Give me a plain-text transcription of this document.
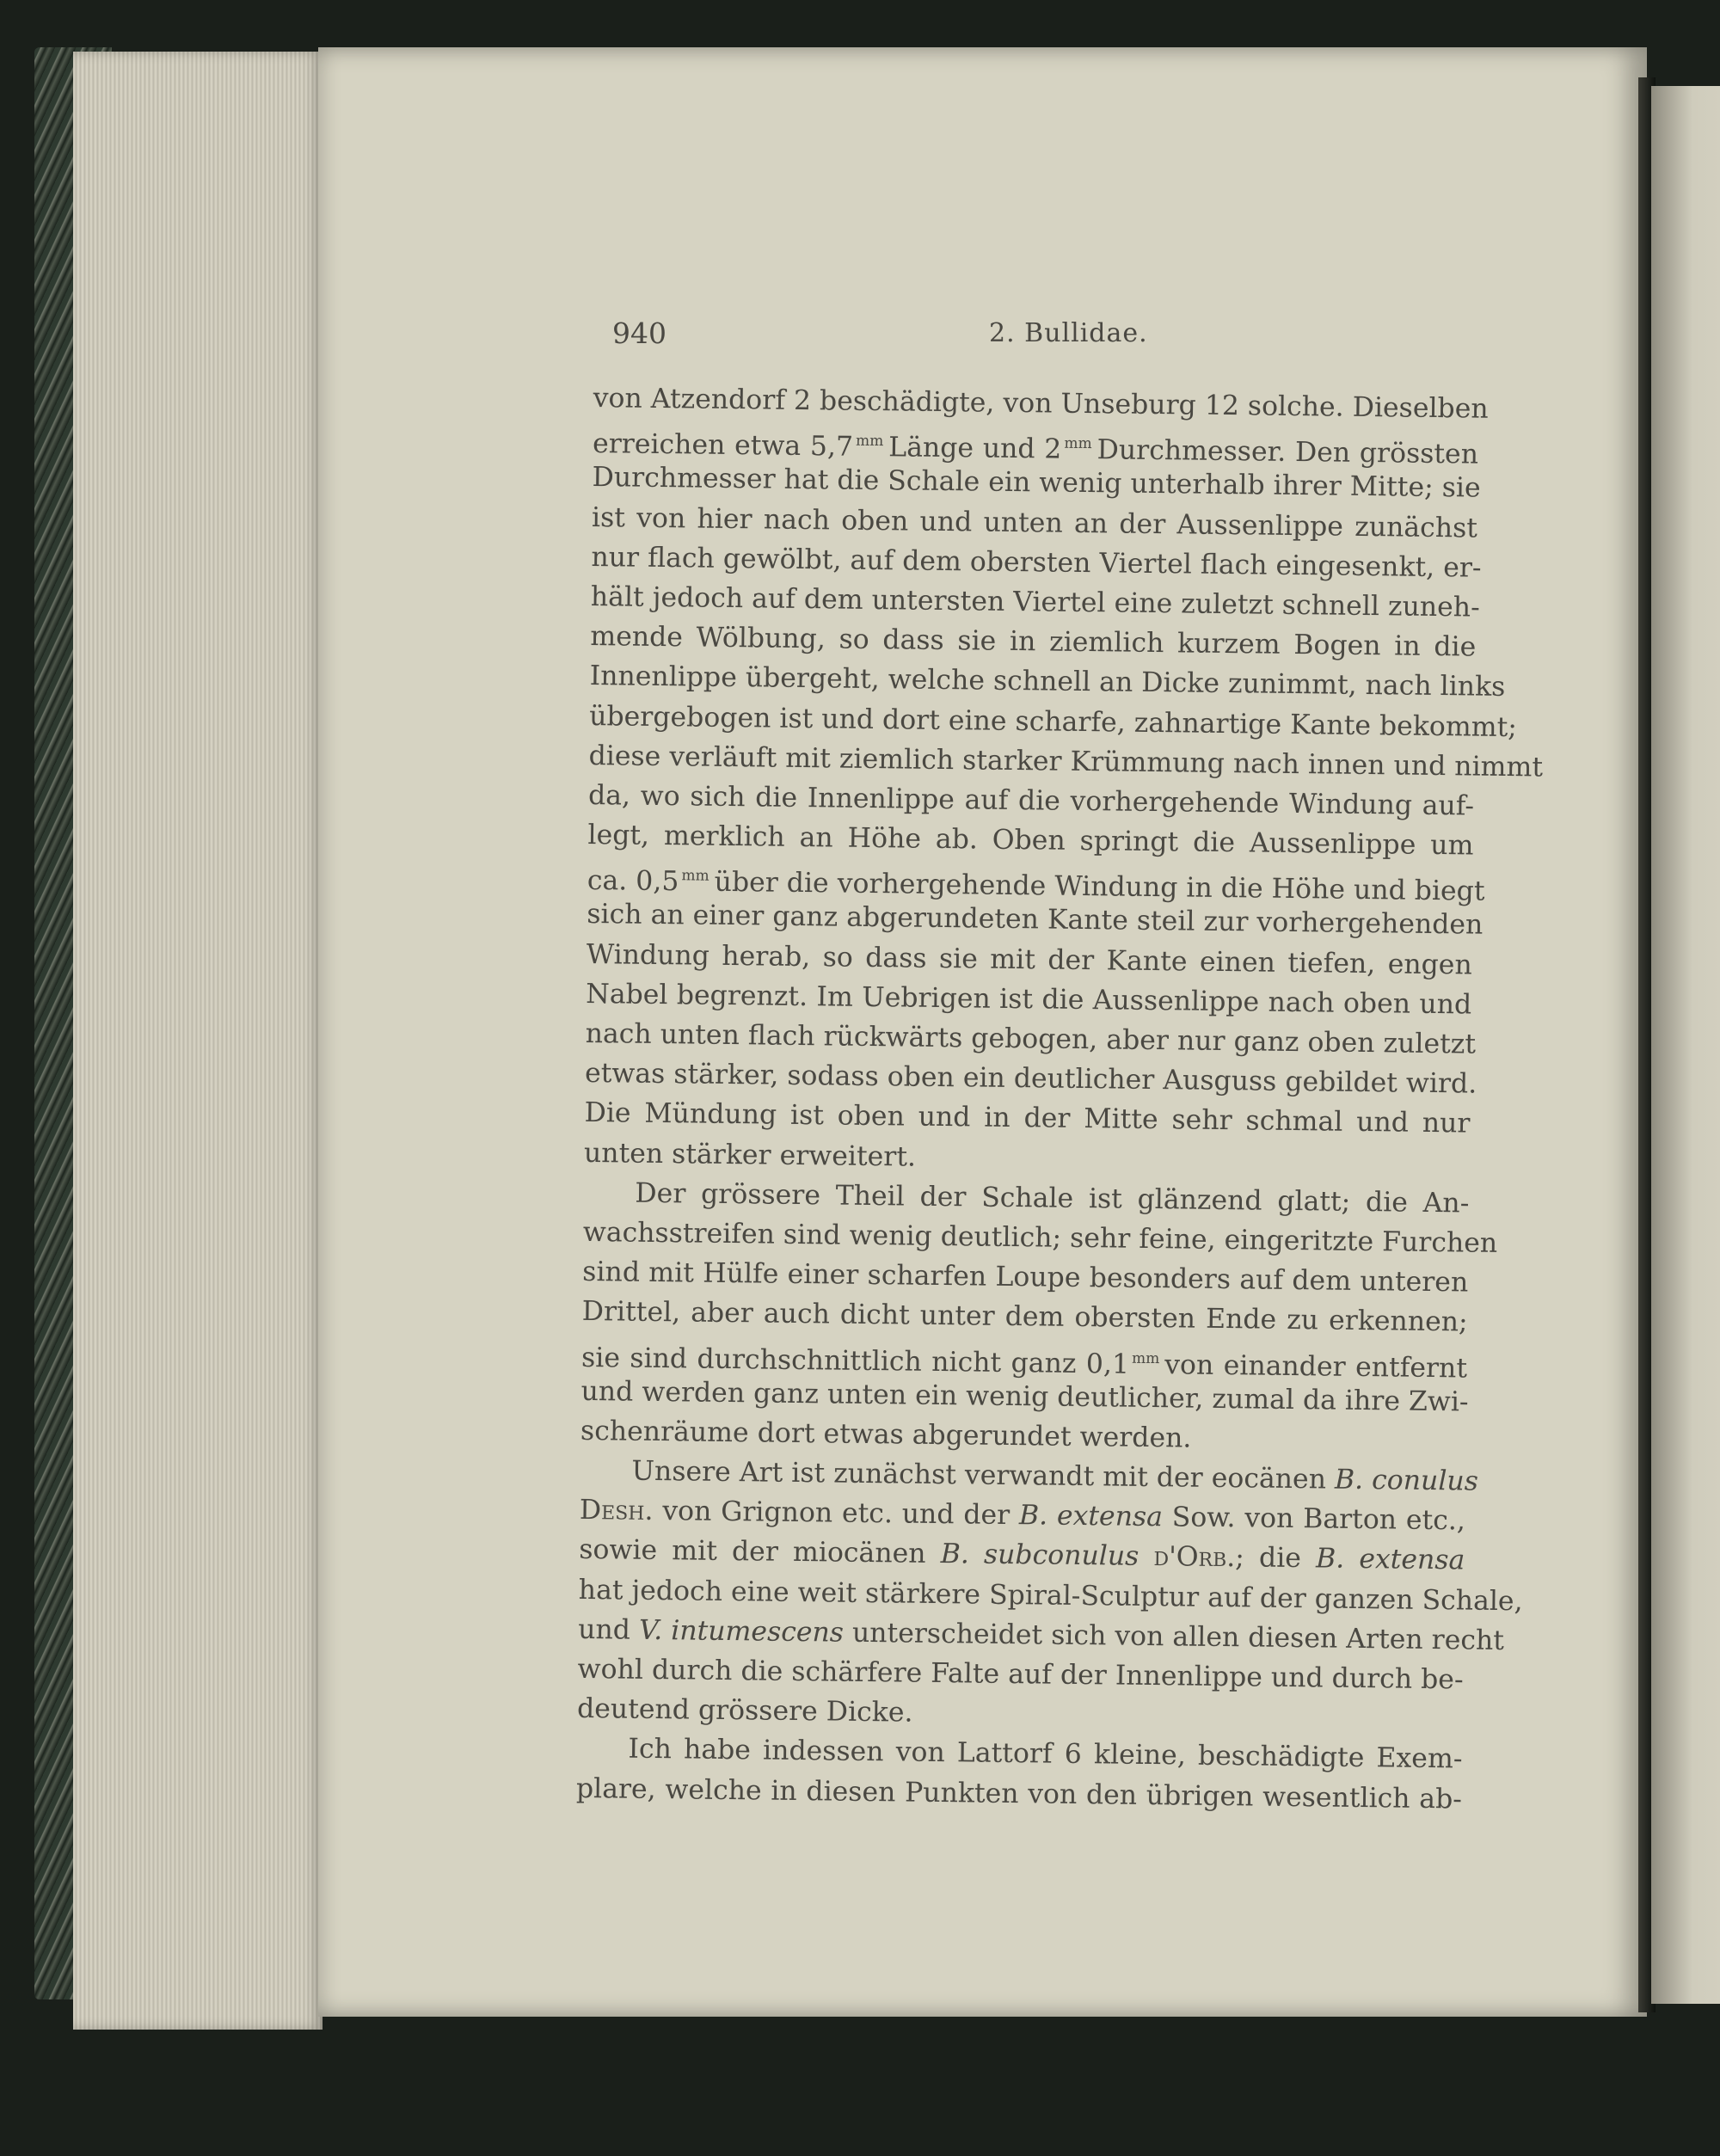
940	2. Bullidae.
von Atzendorf 2 beschädigte, von Unseburg 12 solche. Dieselben
erreichen etwa 5,7 $^{mm}$ Länge und 2 $^{mm}$ Durchmesser. Den grössten
Durchmesser hat die Schale ein wenig unterhalb ihrer Mitte; sie
ist von hier nach oben und unten an der Aussenlippe zunächst
nur flach gewölbt, auf dem obersten Viertel flach eingesenkt, er-
hält jedoch auf dem untersten Viertel eine zuletzt schnell zuneh-
mende Wölbung, so dass sie in ziemlich kurzem Bogen in die
Innenlippe übergeht, welche schnell an Dicke zunimmt, nach links
übergebogen ist und dort eine scharfe, zahnartige Kante bekommt;
diese verläuft mit ziemlich starker Krümmung nach innen und nimmt
da, wo sich die Innenlippe auf die vorhergehende Windung auf-
legt, merklich an Höhe ab. Oben springt die Aussenlippe um
ca. 0,5 $^{mm}$ über die vorhergehende Windung in die Höhe und biegt
sich an einer ganz abgerundeten Kante steil zur vorhergehenden
Windung herab, so dass sie mit der Kante einen tiefen, engen
Nabel begrenzt. Im Uebrigen ist die Aussenlippe nach oben und
nach unten flach rückwärts gebogen, aber nur ganz oben zuletzt
etwas stärker, sodass oben ein deutlicher Ausguss gebildet wird.
Die Mündung ist oben und in der Mitte sehr schmal und nur
unten stärker erweitert.
Der grössere Theil der Schale ist glänzend glatt; die An-
wachsstreifen sind wenig deutlich; sehr feine, eingeritzte Furchen
sind mit Hülfe einer scharfen Loupe besonders auf dem unteren
Drittel, aber auch dicht unter dem obersten Ende zu erkennen;
sie sind durchschnittlich nicht ganz 0,1 $^{mm}$ von einander entfernt
und werden ganz unten ein wenig deutlicher, zumal da ihre Zwi-
schenräume dort etwas abgerundet werden.
Unsere Art ist zunächst verwandt mit der eocänen B. conulus
Desh. von Grignon etc. und der B. extensa Sow. von Barton etc.,
sowie mit der miocänen B. subconulus d'Orb.; die B. extensa
hat jedoch eine weit stärkere Spiral-Sculptur auf der ganzen Schale,
und V. intumescens unterscheidet sich von allen diesen Arten recht
wohl durch die schärfere Falte auf der Innenlippe und durch be-
deutend grössere Dicke.
Ich habe indessen von Lattorf 6 kleine, beschädigte Exem-
plare, welche in diesen Punkten von den übrigen wesentlich ab-
